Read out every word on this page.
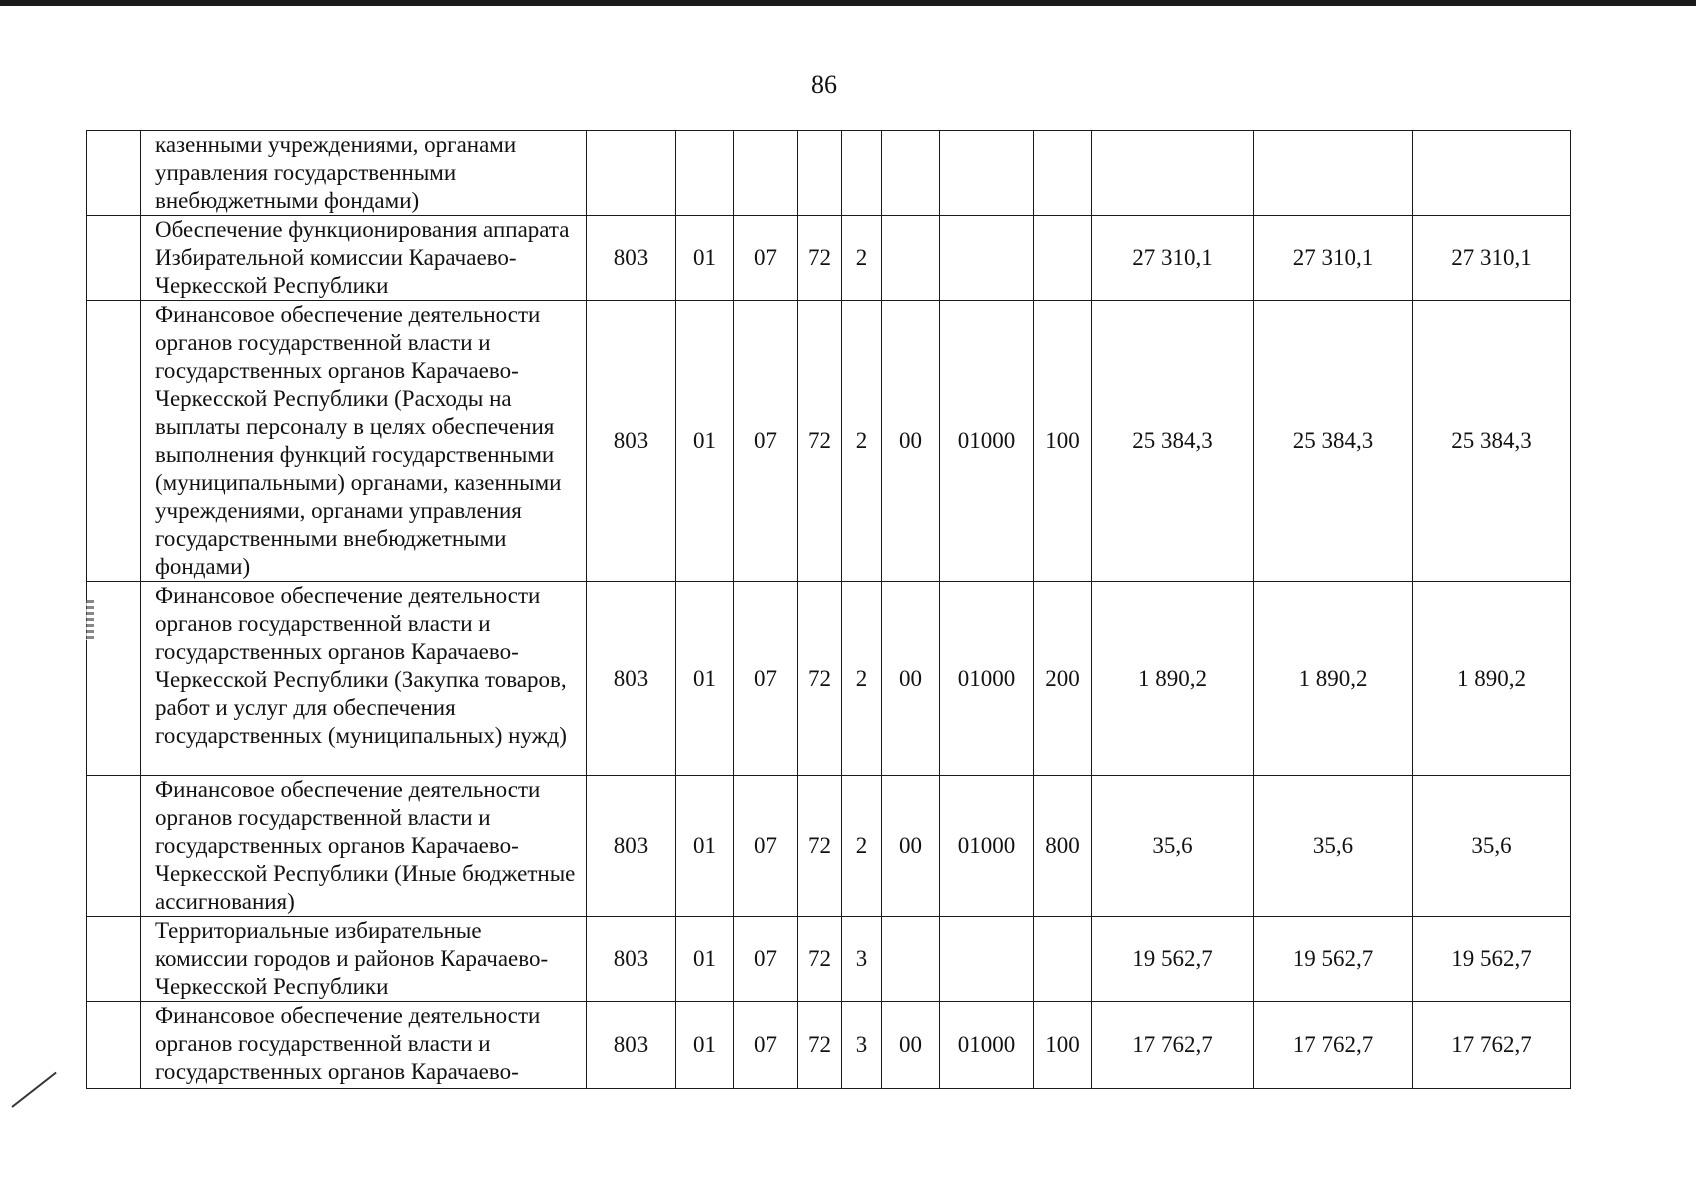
86
	казенными учреждениями, органами управления государственными внебюджетными фондами)											
	Обеспечение функционирования аппарата Избирательной комиссии Карачаево-Черкесской Республики	803	01	07	72	2				27 310,1	27 310,1	27 310,1
	Финансовое обеспечение деятельности органов государственной власти и государственных органов Карачаево-Черкесской Республики (Расходы на выплаты персоналу в целях обеспечения выполнения функций государственными (муниципальными) органами, казенными учреждениями, органами управления государственными внебюджетными фондами)	803	01	07	72	2	00	01000	100	25 384,3	25 384,3	25 384,3
	Финансовое обеспечение деятельности органов государственной власти и государственных органов Карачаево-Черкесской Республики (Закупка товаров, работ и услуг для обеспечения государственных (муниципальных) нужд)	803	01	07	72	2	00	01000	200	1 890,2	1 890,2	1 890,2
	Финансовое обеспечение деятельности органов государственной власти и государственных органов Карачаево-Черкесской Республики (Иные бюджетные ассигнования)	803	01	07	72	2	00	01000	800	35,6	35,6	35,6
	Территориальные избирательные комиссии городов и районов Карачаево-Черкесской Республики	803	01	07	72	3				19 562,7	19 562,7	19 562,7
	Финансовое обеспечение деятельности органов государственной власти и государственных органов Карачаево-	803	01	07	72	3	00	01000	100	17 762,7	17 762,7	17 762,7
